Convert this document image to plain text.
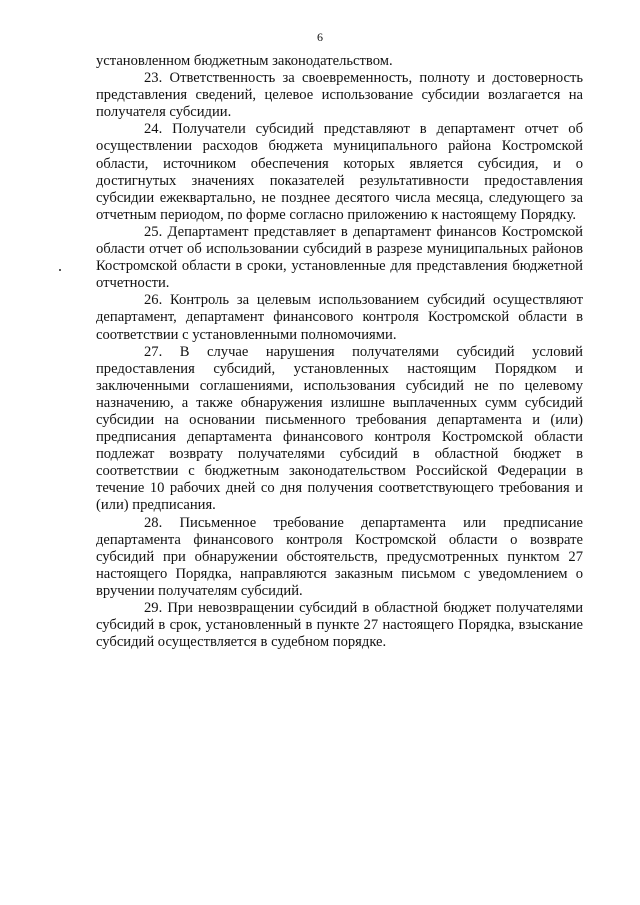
6

установленном бюджетным законодательством.

23. Ответственность за своевременность, полноту и достоверность представления сведений, целевое использование субсидии возлагается на получателя субсидии.

24. Получатели субсидий представляют в департамент отчет об осуществлении расходов бюджета муниципального района Костромской области, источником обеспечения которых является субсидия, и о достигнутых значениях показателей результативности предоставления субсидии ежеквартально, не позднее десятого числа месяца, следующего за отчетным периодом, по форме согласно приложению к настоящему Порядку.

25. Департамент представляет в департамент финансов Костромской области отчет об использовании субсидий в разрезе муниципальных районов Костромской области в сроки, установленные для представления бюджетной отчетности.

26. Контроль за целевым использованием субсидий осуществляют департамент, департамент финансового контроля Костромской области в соответствии с установленными полномочиями.

27. В случае нарушения получателями субсидий условий предоставления субсидий, установленных настоящим Порядком и заключенными соглашениями, использования субсидий не по целевому назначению, а также обнаружения излишне выплаченных сумм субсидий субсидии на основании письменного требования департамента и (или) предписания департамента финансового контроля Костромской области подлежат возврату получателями субсидий в областной бюджет в соответствии с бюджетным законодательством Российской Федерации в течение 10 рабочих дней со дня получения соответствующего требования и (или) предписания.

28. Письменное требование департамента или предписание департамента финансового контроля Костромской области о возврате субсидий при обнаружении обстоятельств, предусмотренных пунктом 27 настоящего Порядка, направляются заказным письмом с уведомлением о вручении получателям субсидий.

29. При невозвращении субсидий в областной бюджет получателями субсидий в срок, установленный в пункте 27 настоящего Порядка, взыскание субсидий осуществляется в судебном порядке.
